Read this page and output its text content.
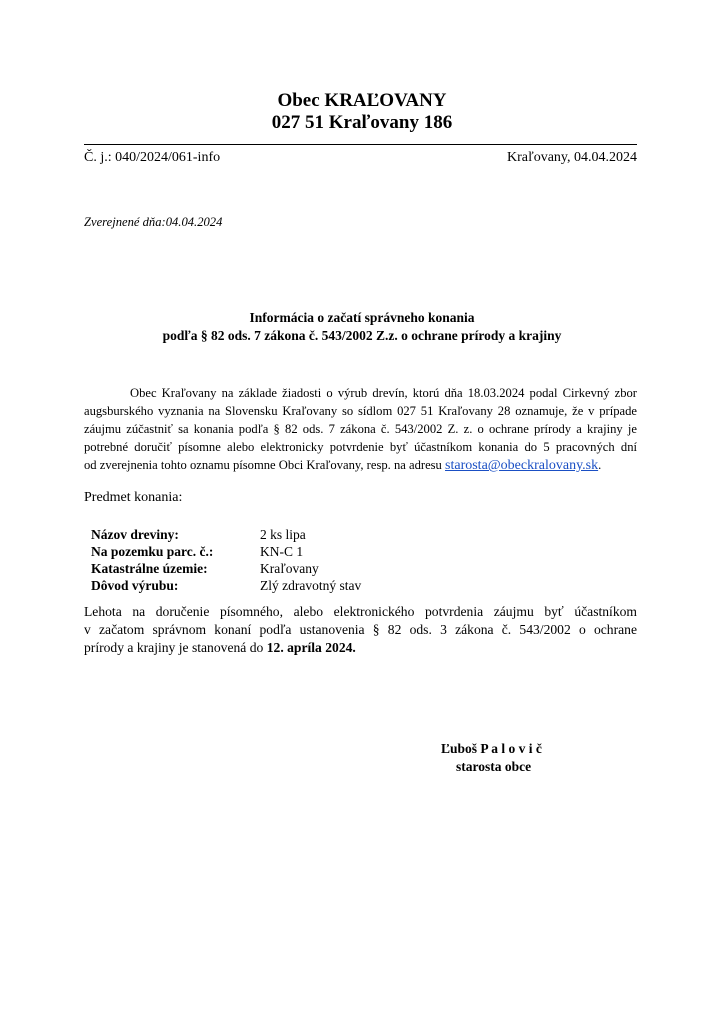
Obec KRAĽOVANY
027 51 Kraľovany 186
Č. j.: 040/2024/061-info	Kraľovany, 04.04.2024
Zverejnené dňa:04.04.2024
Informácia o začatí správneho konania
podľa § 82 ods. 7 zákona č. 543/2002 Z.z. o ochrane prírody a krajiny
Obec Kraľovany na základe žiadosti o výrub drevín, ktorú dňa 18.03.2024 podal Cirkevný zbor
augsburského vyznania na Slovensku Kraľovany so sídlom 027 51 Kraľovany 28 oznamuje, že v prípade
záujmu zúčastniť sa konania podľa § 82 ods. 7 zákona č. 543/2002 Z. z. o ochrane prírody a krajiny je
potrebné doručiť písomne alebo elektronicky potvrdenie byť účastníkom konania do 5 pracovných dní
od zverejnenia tohto oznamu písomne Obci Kraľovany, resp. na adresu starosta@obeckralovany.sk.
Predmet konania:
Názov dreviny:	2 ks lipa
Na pozemku parc. č.:	KN-C 1
Katastrálne územie:	Kraľovany
Dôvod výrubu:	Zlý zdravotný stav
Lehota na doručenie písomného, alebo elektronického potvrdenia záujmu byť účastníkom
v začatom správnom konaní podľa ustanovenia § 82 ods. 3 zákona č. 543/2002 o ochrane
prírody a krajiny je stanovená do 12. apríla 2024.
Ľuboš P a l o v i č
starosta obce
